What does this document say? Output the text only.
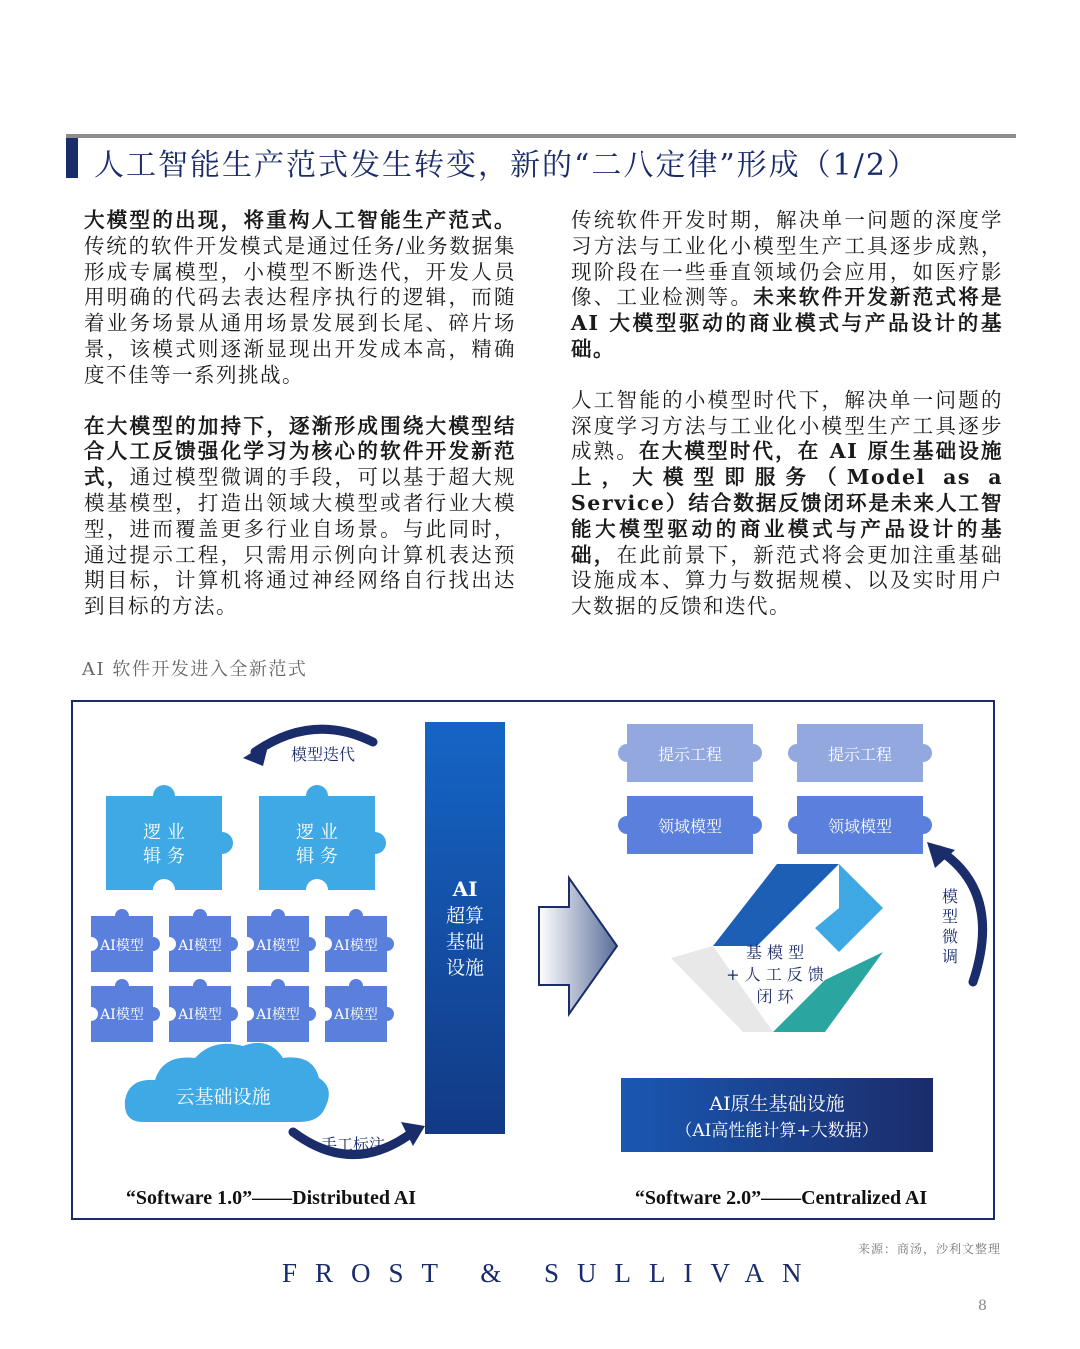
人工智能生产范式发生转变，新的“二八定律”形成（1/2）

大模型的出现，将重构人工智能生产范式。传统的软件开发模式是通过任务/业务数据集形成专属模型，小模型不断迭代，开发人员用明确的代码去表达程序执行的逻辑，而随着业务场景从通用场景发展到长尾、碎片场景，该模式则逐渐显现出开发成本高，精确度不佳等一系列挑战。

在大模型的加持下，逐渐形成围绕大模型结合人工反馈强化学习为核心的软件开发新范式，通过模型微调的手段，可以基于超大规模基模型，打造出领域大模型或者行业大模型，进而覆盖更多行业自场景。与此同时，通过提示工程，只需用示例向计算机表达预期目标，计算机将通过神经网络自行找出达到目标的方法。

传统软件开发时期，解决单一问题的深度学习方法与工业化小模型生产工具逐步成熟，现阶段在一些垂直领域仍会应用，如医疗影像、工业检测等。未来软件开发新范式将是 AI 大模型驱动的商业模式与产品设计的基础。

人工智能的小模型时代下，解决单一问题的深度学习方法与工业化小模型生产工具逐步成熟。在大模型时代，在 AI 原生基础设施上，大模型即服务（Model as a Service）结合数据反馈闭环是未来人工智能大模型驱动的商业模式与产品设计的基础，在此前景下，新范式将会更加注重基础设施成本、算力与数据规模、以及实时用户大数据的反馈和迭代。

AI 软件开发进入全新范式
模型迭代
逻 业
辑 务
逻 业
辑 务
AI模型 AI模型 AI模型 AI模型
AI模型 AI模型 AI模型 AI模型
云基础设施
手工标注
AI
超算
基础
设施
“Software 1.0”——Distributed AI
提示工程	提示工程
领域模型	领域模型
模
型
微
调
模型微调
基 模 型
+ 人 工 反 馈
闭 环
AI原生基础设施
（AI高性能计算+大数据）
“Software 2.0”——Centralized AI
来源：商汤，沙利文整理
FROST & SULLIVAN
8
